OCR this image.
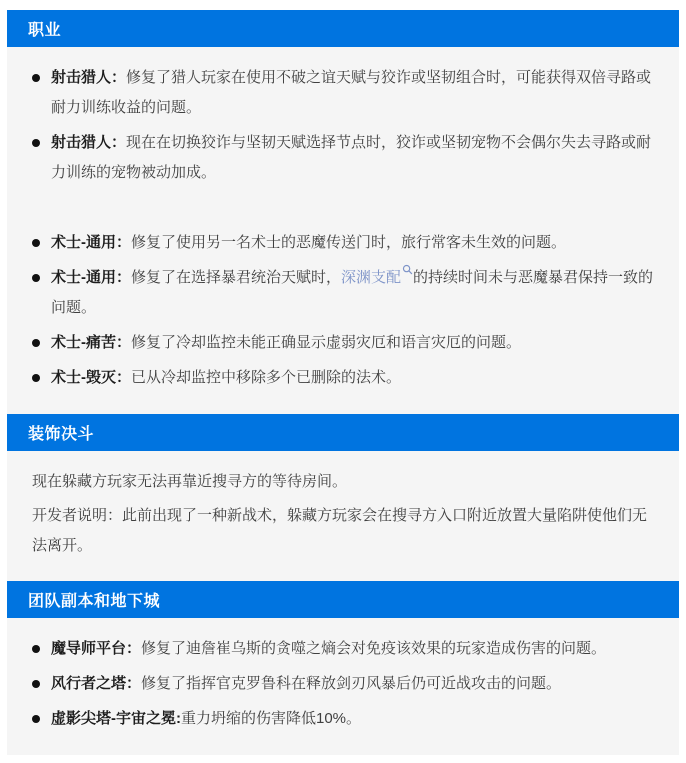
职业
射击猎人：修复了猎人玩家在使用不破之谊天赋与狡诈或坚韧组合时，可能获得双倍寻路或耐力训练收益的问题。
射击猎人：现在在切换狡诈与坚韧天赋选择节点时，狡诈或坚韧宠物不会偶尔失去寻路或耐力训练的宠物被动加成。
术士-通用：修复了使用另一名术士的恶魔传送门时，旅行常客未生效的问题。
术士-通用：修复了在选择暴君统治天赋时，深渊支配 的持续时间未与恶魔暴君保持一致的问题。
术士-痛苦：修复了冷却监控未能正确显示虚弱灾厄和语言灾厄的问题。
术士-毁灭：已从冷却监控中移除多个已删除的法术。
装饰决斗
现在躲藏方玩家无法再靠近搜寻方的等待房间。
开发者说明：此前出现了一种新战术，躲藏方玩家会在搜寻方入口附近放置大量陷阱使他们无法离开。
团队副本和地下城
魔导师平台：修复了迪詹崔乌斯的贪噬之熵会对免疫该效果的玩家造成伤害的问题。
风行者之塔：修复了指挥官克罗鲁科在释放剑刃风暴后仍可近战攻击的问题。
虚影尖塔-宇宙之冕:重力坍缩的伤害降低10%。
